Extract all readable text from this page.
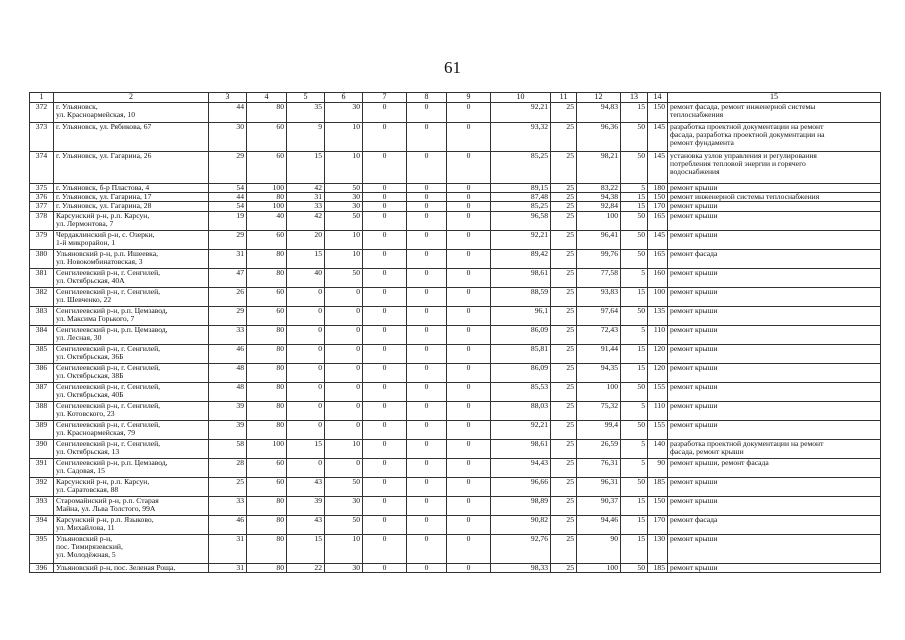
61
1	2	3	4	5	6	7	8	9	10	11	12	13	14	15
372	г. Ульяновск,
ул. Красноармейская, 10	44	80	35	30	0	0	0	92,21	25	94,83	15	150	ремонт фасада, ремонт инженерной системы
теплоснабжения
373	г. Ульяновск, ул. Рябикова, 67	30	60	9	10	0	0	0	93,32	25	96,36	50	145	разработка проектной документации на ремонт
фасада, разработка проектной документации на
ремонт фундамента
374	г. Ульяновск, ул. Гагарина, 26	29	60	15	10	0	0	0	85,25	25	98,21	50	145	установка узлов управления и регулирования
потребления тепловой энергии и горячего
водоснабжения
375	г. Ульяновск, б-р Пластова, 4	54	100	42	50	0	0	0	89,15	25	83,22	5	180	ремонт крыши
376	г. Ульяновск, ул. Гагарина, 17	44	80	31	30	0	0	0	87,48	25	94,38	15	150	ремонт инженерной системы теплоснабжения
377	г. Ульяновск, ул. Гагарина, 28	54	100	33	30	0	0	0	85,25	25	92,84	15	170	ремонт крыши
378	Карсунский р-н, р.п. Карсун,
ул. Лермонтова, 7	19	40	42	50	0	0	0	96,58	25	100	50	165	ремонт крыши
379	Чердаклинский р-н, с. Озерки,
1-й микрорайон, 1	29	60	20	10	0	0	0	92,21	25	96,41	50	145	ремонт крыши
380	Ульяновский р-н, р.п. Ишеевка,
ул. Новокомбинатовская, 3	31	80	15	10	0	0	0	89,42	25	99,76	50	165	ремонт фасада
381	Сенгилеевский р-н, г. Сенгилей,
ул. Октябрьская, 40А	47	80	40	50	0	0	0	98,61	25	77,58	5	160	ремонт крыши
382	Сенгилеевский р-н, г. Сенгилей,
ул. Шевченко, 22	26	60	0	0	0	0	0	88,59	25	93,83	15	100	ремонт крыши
383	Сенгилеевский р-н, р.п. Цемзавод,
ул. Максима Горького, 7	29	60	0	0	0	0	0	96,1	25	97,64	50	135	ремонт крыши
384	Сенгилеевский р-н, р.п. Цемзавод,
ул. Лесная, 30	33	80	0	0	0	0	0	86,09	25	72,43	5	110	ремонт крыши
385	Сенгилеевский р-н, г. Сенгилей,
ул. Октябрьская, 36Б	46	80	0	0	0	0	0	85,81	25	91,44	15	120	ремонт крыши
386	Сенгилеевский р-н, г. Сенгилей,
ул. Октябрьская, 38Б	48	80	0	0	0	0	0	86,09	25	94,35	15	120	ремонт крыши
387	Сенгилеевский р-н, г. Сенгилей,
ул. Октябрьская, 40Б	48	80	0	0	0	0	0	85,53	25	100	50	155	ремонт крыши
388	Сенгилеевский р-н, г. Сенгилей,
ул. Котовского, 23	39	80	0	0	0	0	0	88,03	25	75,32	5	110	ремонт крыши
389	Сенгилеевский р-н, г. Сенгилей,
ул. Красноармейская, 79	39	80	0	0	0	0	0	92,21	25	99,4	50	155	ремонт крыши
390	Сенгилеевский р-н, г. Сенгилей,
ул. Октябрьская, 13	58	100	15	10	0	0	0	98,61	25	26,59	5	140	разработка проектной документации на ремонт
фасада, ремонт крыши
391	Сенгилеевский р-н, р.п. Цемзавод,
ул. Садовая, 15	28	60	0	0	0	0	0	94,43	25	76,31	5	90	ремонт крыши, ремонт фасада
392	Карсунский р-н, р.п. Карсун,
ул. Саратовская, 88	25	60	43	50	0	0	0	96,66	25	96,31	50	185	ремонт крыши
393	Старомайнский р-н, р.п. Старая
Майна, ул. Льва Толстого, 99А	33	80	39	30	0	0	0	98,89	25	90,37	15	150	ремонт крыши
394	Карсунский р-н, р.п. Языково,
ул. Михайлова, 11	46	80	43	50	0	0	0	90,82	25	94,46	15	170	ремонт фасада
395	Ульяновский р-н,
пос. Тимирязевский,
ул. Молодёжная, 5	31	80	15	10	0	0	0	92,76	25	90	15	130	ремонт крыши
396	Ульяновский р-н, пос. Зеленая Роща,	31	80	22	30	0	0	0	98,33	25	100	50	185	ремонт крыши
